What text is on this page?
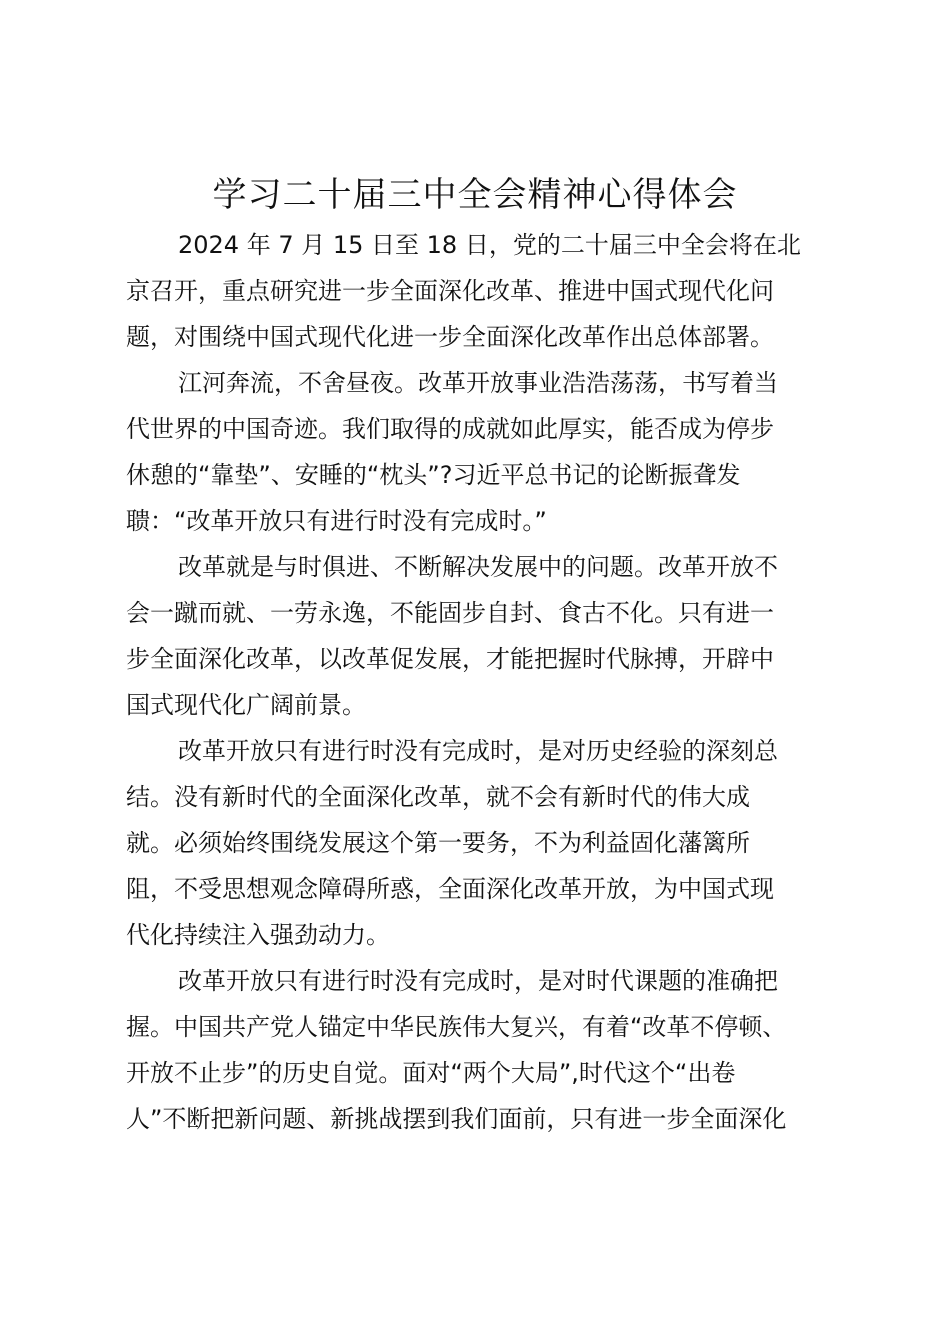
学习二十届三中全会精神心得体会
2024 年 7 月 15 日至 18 日，党的二十届三中全会将在北
京召开，重点研究进一步全面深化改革、推进中国式现代化问
题，对围绕中国式现代化进一步全面深化改革作出总体部署。
江河奔流，不舍昼夜。改革开放事业浩浩荡荡，书写着当
代世界的中国奇迹。我们取得的成就如此厚实，能否成为停步
休憩的“靠垫”、安睡的“枕头”?习近平总书记的论断振聋发
聩：“改革开放只有进行时没有完成时。”
改革就是与时俱进、不断解决发展中的问题。改革开放不
会一蹴而就、一劳永逸，不能固步自封、食古不化。只有进一
步全面深化改革，以改革促发展，才能把握时代脉搏，开辟中
国式现代化广阔前景。
改革开放只有进行时没有完成时，是对历史经验的深刻总
结。没有新时代的全面深化改革，就不会有新时代的伟大成
就。必须始终围绕发展这个第一要务，不为利益固化藩篱所
阻，不受思想观念障碍所惑，全面深化改革开放，为中国式现
代化持续注入强劲动力。
改革开放只有进行时没有完成时，是对时代课题的准确把
握。中国共产党人锚定中华民族伟大复兴，有着“改革不停顿、
开放不止步”的历史自觉。面对“两个大局”,时代这个“出卷
人”不断把新问题、新挑战摆到我们面前，只有进一步全面深化
